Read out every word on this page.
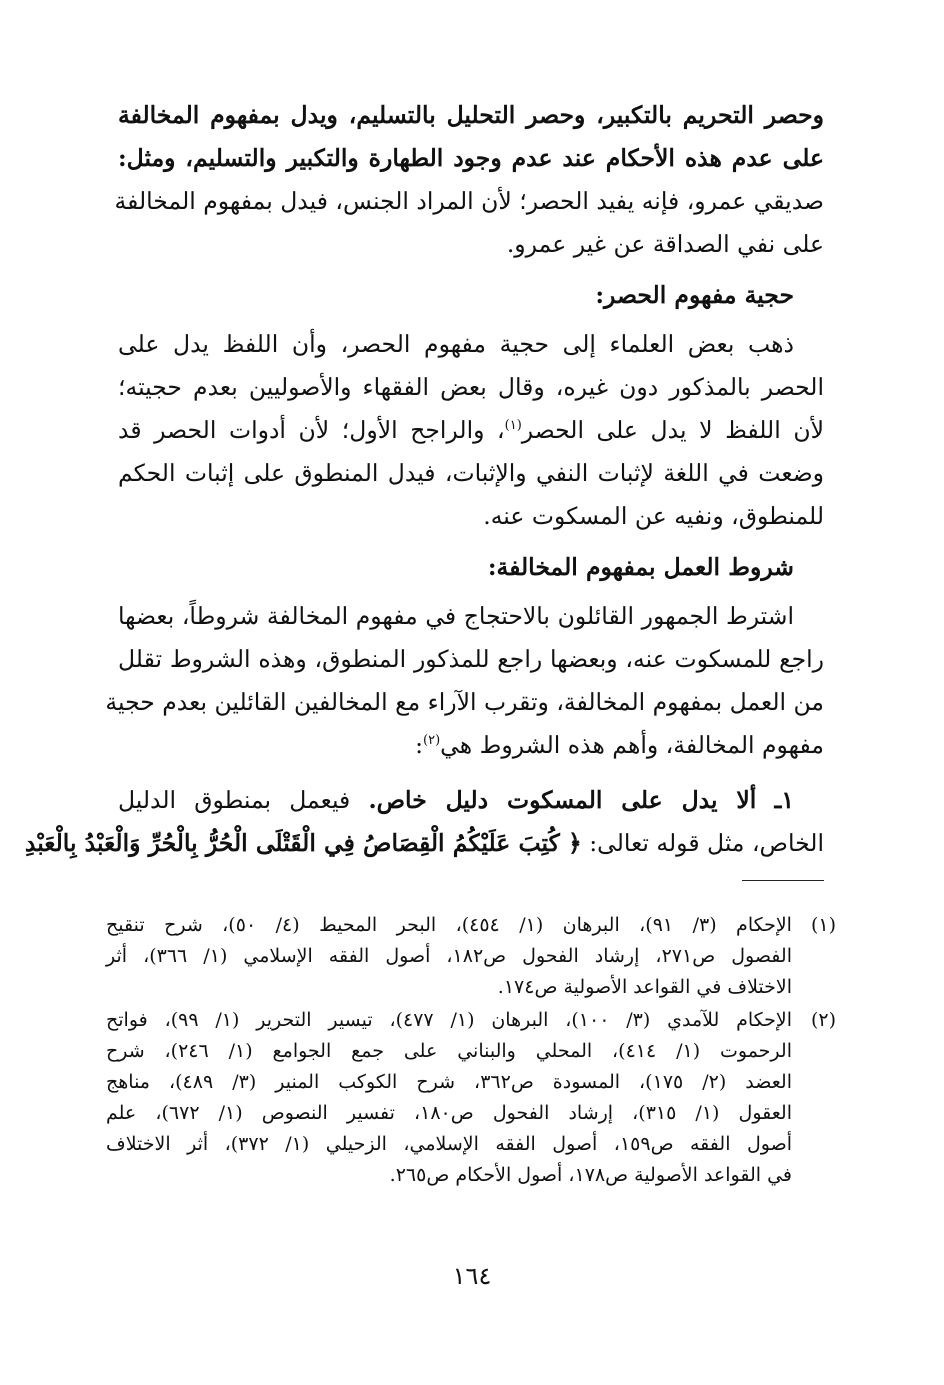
وحصر التحريم بالتكبير، وحصر التحليل بالتسليم، ويدل بمفهوم المخالفة
على عدم هذه الأحكام عند عدم وجود الطهارة والتكبير والتسليم، ومثل:
صديقي عمرو، فإنه يفيد الحصر؛ لأن المراد الجنس، فيدل بمفهوم المخالفة
على نفي الصداقة عن غير عمرو.
حجية مفهوم الحصر:
ذهب بعض العلماء إلى حجية مفهوم الحصر، وأن اللفظ يدل على
الحصر بالمذكور دون غيره، وقال بعض الفقهاء والأصوليين بعدم حجيته؛
لأن اللفظ لا يدل على الحصر$^{(١)}$، والراجح الأول؛ لأن أدوات الحصر قد
وضعت في اللغة لإثبات النفي والإثبات، فيدل المنطوق على إثبات الحكم
للمنطوق، ونفيه عن المسكوت عنه.
شروط العمل بمفهوم المخالفة:
اشترط الجمهور القائلون بالاحتجاج في مفهوم المخالفة شروطاً، بعضها
راجع للمسكوت عنه، وبعضها راجع للمذكور المنطوق، وهذه الشروط تقلل
من العمل بمفهوم المخالفة، وتقرب الآراء مع المخالفين القائلين بعدم حجية
مفهوم المخالفة، وأهم هذه الشروط هي$^{(٢)}$:
١ـ ألا يدل على المسكوت دليل خاص. فيعمل بمنطوق الدليل
الخاص، مثل قوله تعالى: ﴿ كُتِبَ عَلَيْكُمُ الْقِصَاصُ فِي الْقَتْلَى الْحُرُّ بِالْحُرِّ وَالْعَبْدُ بِالْعَبْدِ
(١)
الإحكام (٣/ ٩١)، البرهان (١/ ٤٥٤)، البحر المحيط (٤/ ٥٠)، شرح تنقيح
الفصول ص٢٧١، إرشاد الفحول ص١٨٢، أصول الفقه الإسلامي (١/ ٣٦٦)، أثر
الاختلاف في القواعد الأصولية ص١٧٤.
(٢)
الإحكام للآمدي (٣/ ١٠٠)، البرهان (١/ ٤٧٧)، تيسير التحرير (١/ ٩٩)، فواتح
الرحموت (١/ ٤١٤)، المحلي والبناني على جمع الجوامع (١/ ٢٤٦)، شرح
العضد (٢/ ١٧٥)، المسودة ص٣٦٢، شرح الكوكب المنير (٣/ ٤٨٩)، مناهج
العقول (١/ ٣١٥)، إرشاد الفحول ص١٨٠، تفسير النصوص (١/ ٦٧٢)، علم
أصول الفقه ص١٥٩، أصول الفقه الإسلامي، الزحيلي (١/ ٣٧٢)، أثر الاختلاف
في القواعد الأصولية ص١٧٨، أصول الأحكام ص٢٦٥.
١٦٤
